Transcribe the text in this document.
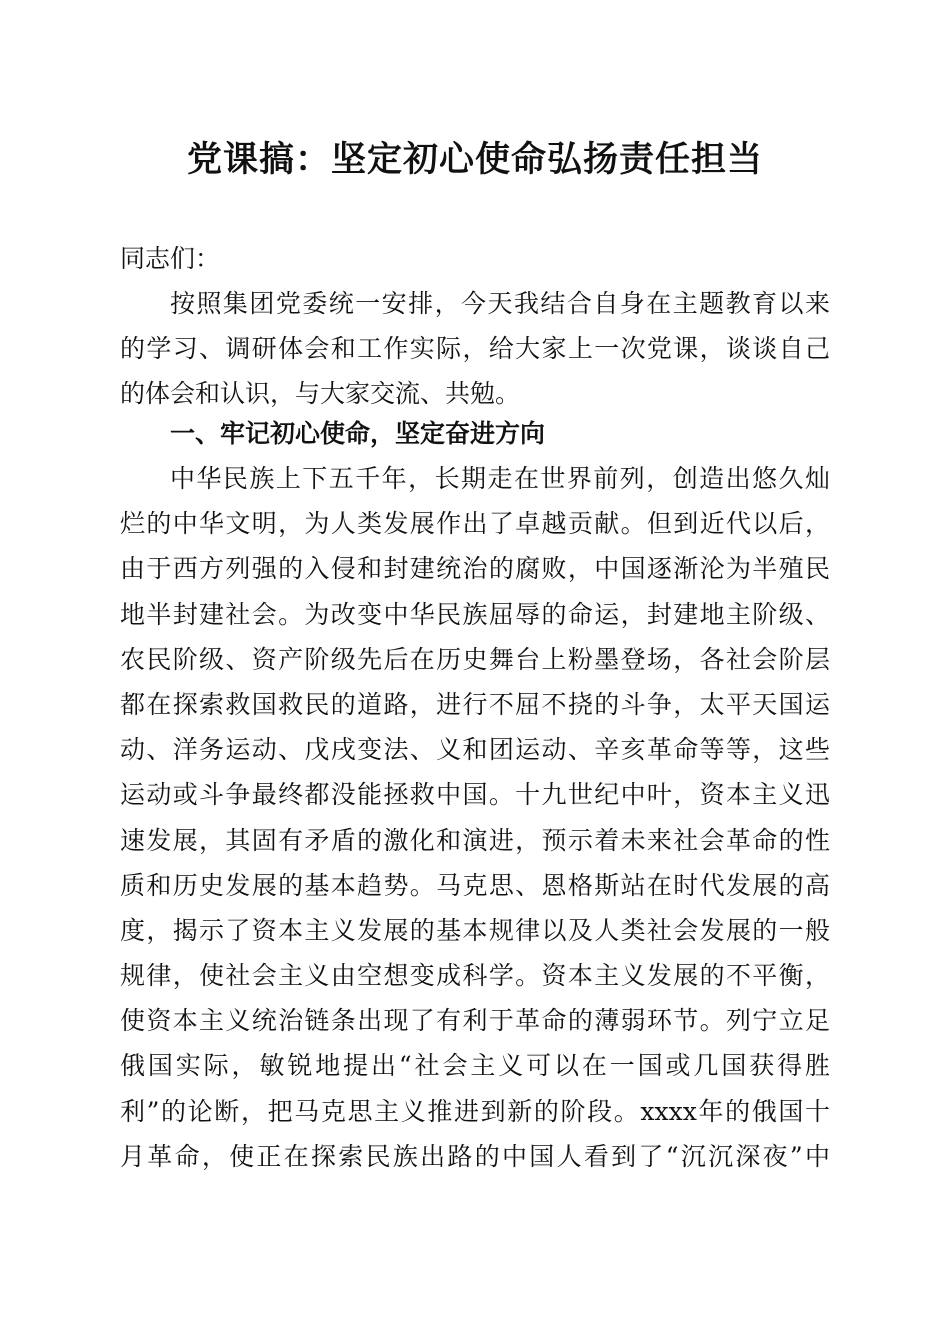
党课搞：坚定初心使命弘扬责任担当
同志们：
按照集团党委统一安排，今天我结合自身在主题教育以来
的学习、调研体会和工作实际，给大家上一次党课，谈谈自己
的体会和认识，与大家交流、共勉。
一、牢记初心使命，坚定奋进方向
中华民族上下五千年，长期走在世界前列，创造出悠久灿
烂的中华文明，为人类发展作出了卓越贡献。但到近代以后，
由于西方列强的入侵和封建统治的腐败，中国逐渐沦为半殖民
地半封建社会。为改变中华民族屈辱的命运，封建地主阶级、
农民阶级、资产阶级先后在历史舞台上粉墨登场，各社会阶层
都在探索救国救民的道路，进行不屈不挠的斗争，太平天国运
动、洋务运动、戊戌变法、义和团运动、辛亥革命等等，这些
运动或斗争最终都没能拯救中国。十九世纪中叶，资本主义迅
速发展，其固有矛盾的激化和演进，预示着未来社会革命的性
质和历史发展的基本趋势。马克思、恩格斯站在时代发展的高
度，揭示了资本主义发展的基本规律以及人类社会发展的一般
规律，使社会主义由空想变成科学。资本主义发展的不平衡，
使资本主义统治链条出现了有利于革命的薄弱环节。列宁立足
俄国实际，敏锐地提出“社会主义可以在一国或几国获得胜
利”的论断，把马克思主义推进到新的阶段。xxxx年的俄国十
月革命，使正在探索民族出路的中国人看到了“沉沉深夜”中
